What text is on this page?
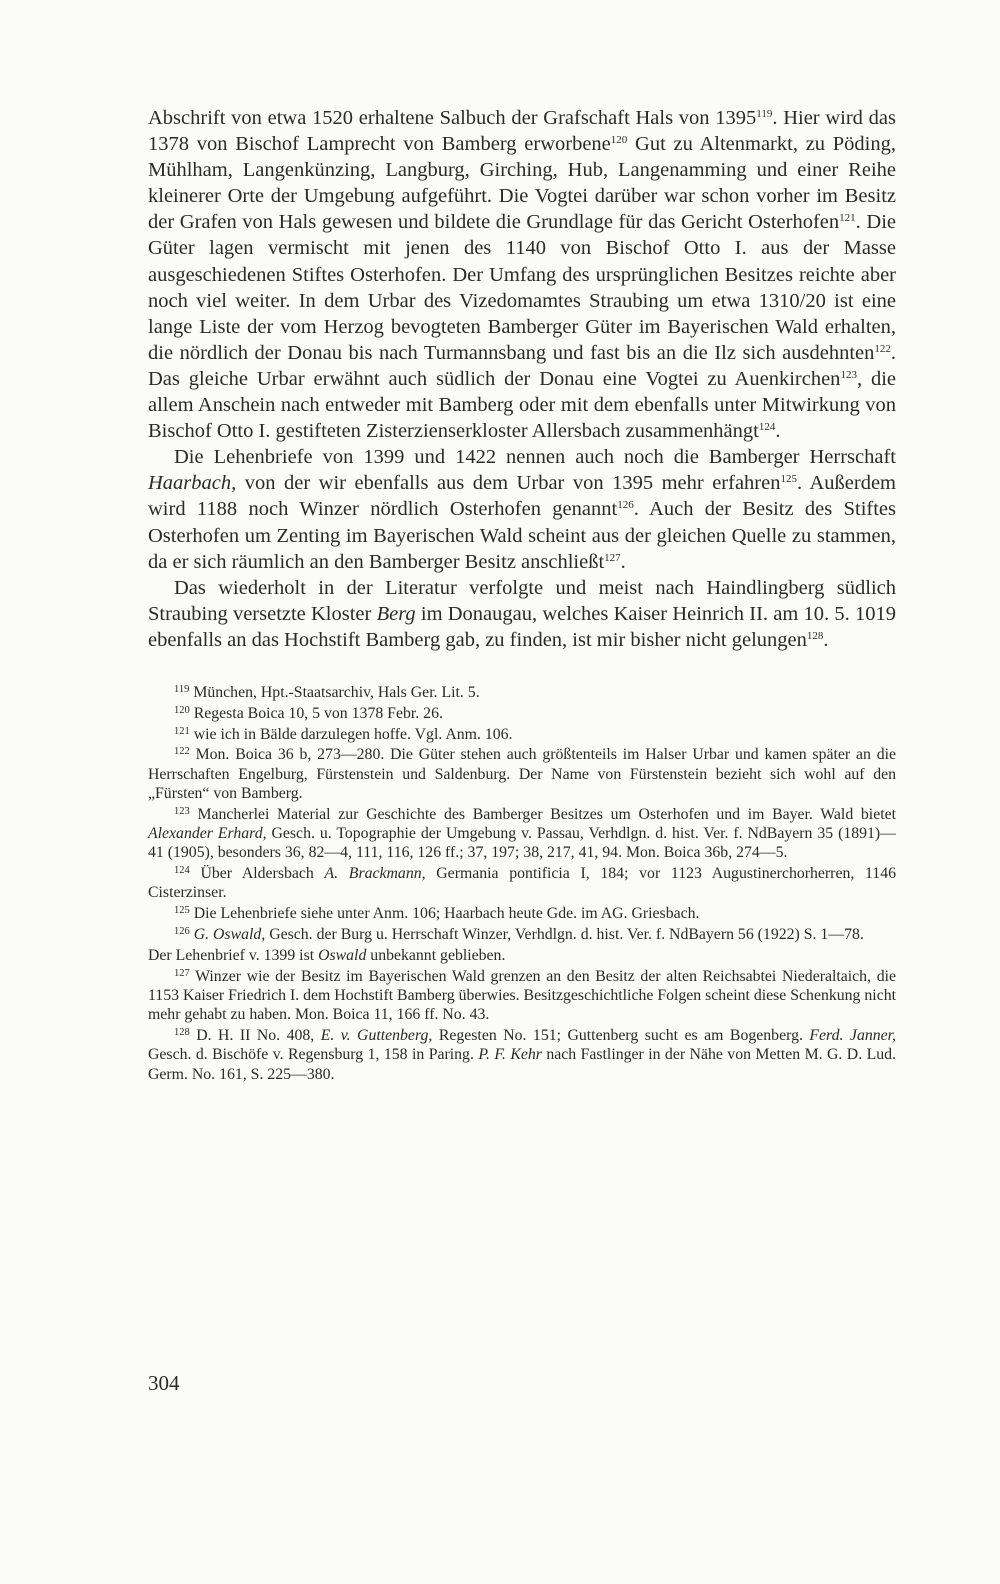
Abschrift von etwa 1520 erhaltene Salbuch der Grafschaft Hals von 1395$^{119}$. Hier wird das 1378 von Bischof Lamprecht von Bamberg erworbene$^{120}$ Gut zu Altenmarkt, zu Pöding, Mühlham, Langenkünzing, Langburg, Girching, Hub, Langenamming und einer Reihe kleinerer Orte der Umgebung aufgeführt. Die Vogtei darüber war schon vorher im Besitz der Grafen von Hals gewesen und bildete die Grundlage für das Gericht Osterhofen$^{121}$. Die Güter lagen vermischt mit jenen des 1140 von Bischof Otto I. aus der Masse ausgeschiedenen Stiftes Osterhofen. Der Umfang des ursprünglichen Besitzes reichte aber noch viel weiter. In dem Urbar des Vizedomamtes Straubing um etwa 1310/20 ist eine lange Liste der vom Herzog bevogteten Bamberger Güter im Bayerischen Wald erhalten, die nördlich der Donau bis nach Turmannsbang und fast bis an die Ilz sich ausdehnten$^{122}$. Das gleiche Urbar erwähnt auch südlich der Donau eine Vogtei zu Auenkirchen$^{123}$, die allem Anschein nach entweder mit Bamberg oder mit dem ebenfalls unter Mitwirkung von Bischof Otto I. gestifteten Zisterzienserkloster Allersbach zusammenhängt$^{124}$.

Die Lehenbriefe von 1399 und 1422 nennen auch noch die Bamberger Herrschaft Haarbach, von der wir ebenfalls aus dem Urbar von 1395 mehr erfahren$^{125}$. Außerdem wird 1188 noch Winzer nördlich Osterhofen genannt$^{126}$. Auch der Besitz des Stiftes Osterhofen um Zenting im Bayerischen Wald scheint aus der gleichen Quelle zu stammen, da er sich räumlich an den Bamberger Besitz anschließt$^{127}$.

Das wiederholt in der Literatur verfolgte und meist nach Haindlingberg südlich Straubing versetzte Kloster Berg im Donaugau, welches Kaiser Heinrich II. am 10. 5. 1019 ebenfalls an das Hochstift Bamberg gab, zu finden, ist mir bisher nicht gelungen$^{128}$.

$^{119}$ München, Hpt.-Staatsarchiv, Hals Ger. Lit. 5.

$^{120}$ Regesta Boica 10, 5 von 1378 Febr. 26.

$^{121}$ wie ich in Bälde darzulegen hoffe. Vgl. Anm. 106.

$^{122}$ Mon. Boica 36 b, 273—280. Die Güter stehen auch größtenteils im Halser Urbar und kamen später an die Herrschaften Engelburg, Fürstenstein und Saldenburg. Der Name von Fürstenstein bezieht sich wohl auf den „Fürsten“ von Bamberg.

$^{123}$ Mancherlei Material zur Geschichte des Bamberger Besitzes um Osterhofen und im Bayer. Wald bietet Alexander Erhard, Gesch. u. Topographie der Umgebung v. Passau, Verhdlgn. d. hist. Ver. f. NdBayern 35 (1891)—41 (1905), besonders 36, 82—4, 111, 116, 126 ff.; 37, 197; 38, 217, 41, 94. Mon. Boica 36b, 274—5.

$^{124}$ Über Aldersbach A. Brackmann, Germania pontificia I, 184; vor 1123 Augustinerchorherren, 1146 Cisterzinser.

$^{125}$ Die Lehenbriefe siehe unter Anm. 106; Haarbach heute Gde. im AG. Griesbach.

$^{126}$ G. Oswald, Gesch. der Burg u. Herrschaft Winzer, Verhdlgn. d. hist. Ver. f. NdBayern 56 (1922) S. 1—78.

Der Lehenbrief v. 1399 ist Oswald unbekannt geblieben.

$^{127}$ Winzer wie der Besitz im Bayerischen Wald grenzen an den Besitz der alten Reichsabtei Niederaltaich, die 1153 Kaiser Friedrich I. dem Hochstift Bamberg überwies. Besitzgeschichtliche Folgen scheint diese Schenkung nicht mehr gehabt zu haben. Mon. Boica 11, 166 ff. No. 43.

$^{128}$ D. H. II No. 408, E. v. Guttenberg, Regesten No. 151; Guttenberg sucht es am Bogenberg. Ferd. Janner, Gesch. d. Bischöfe v. Regensburg 1, 158 in Paring. P. F. Kehr nach Fastlinger in der Nähe von Metten M. G. D. Lud. Germ. No. 161, S. 225—380.

304
